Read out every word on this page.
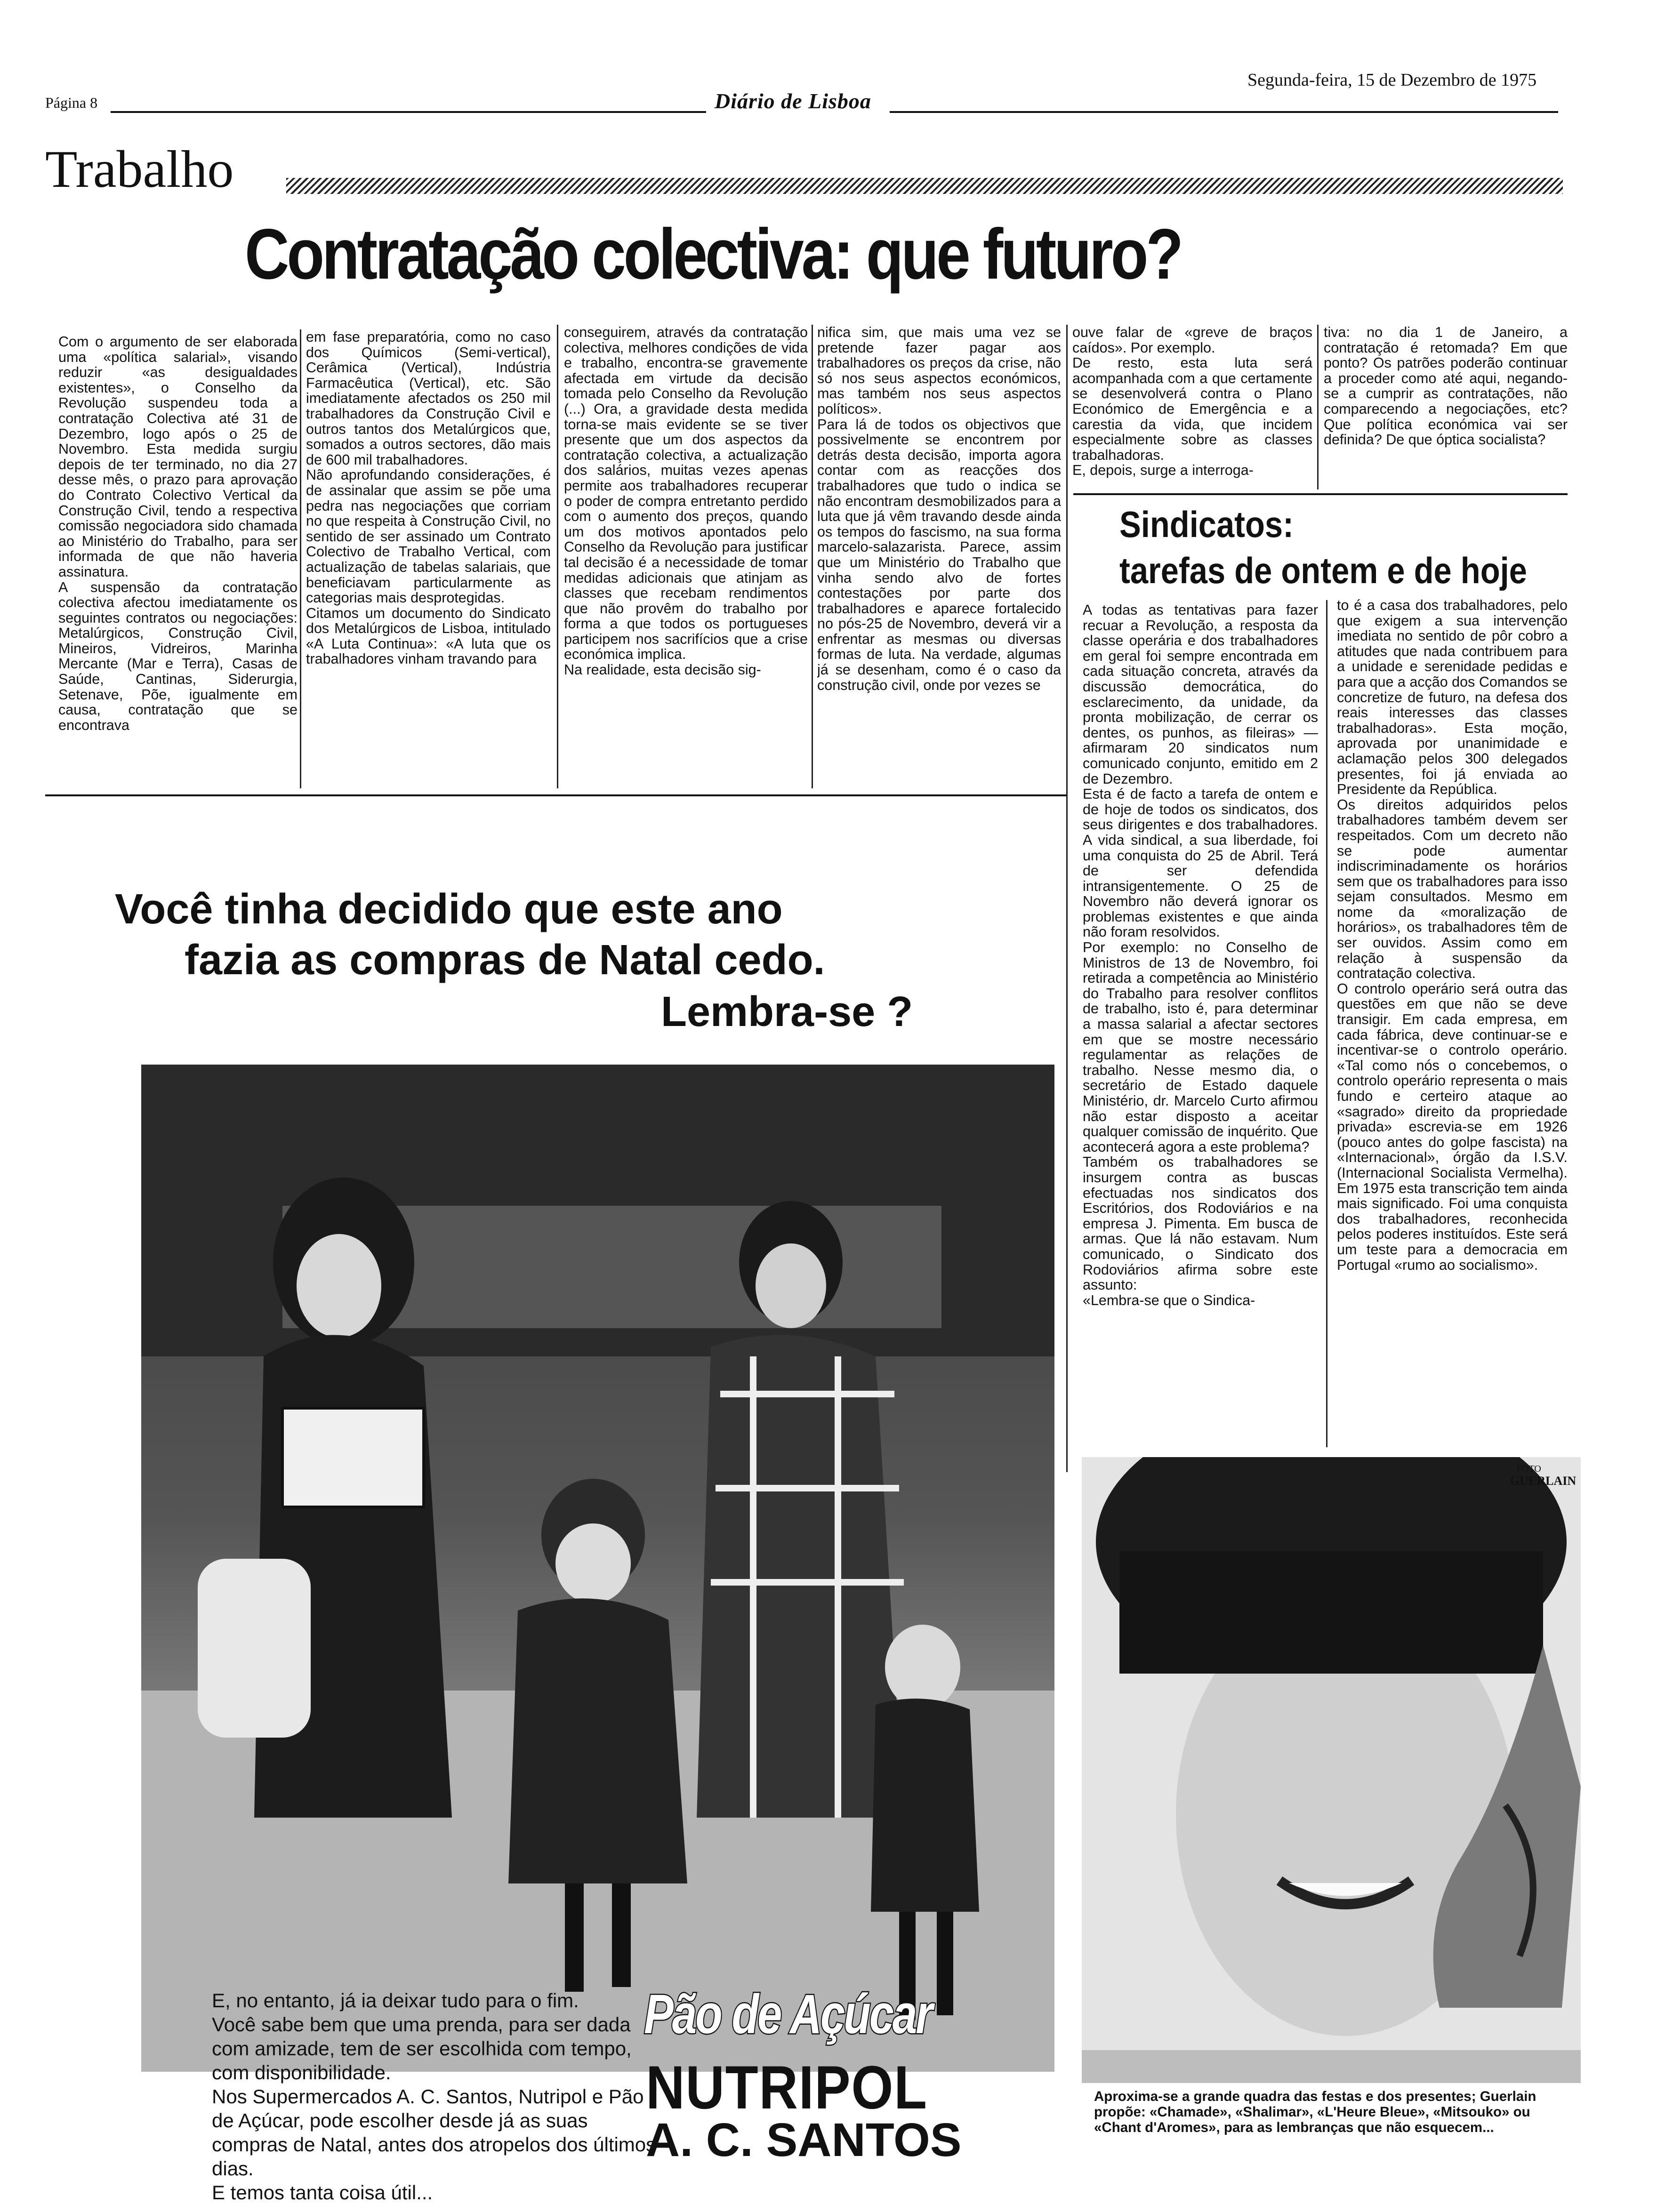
Página 8	Diário de Lisboa
Segunda-feira, 15 de Dezembro de 1975
Trabalho
Contratação colectiva: que futuro?
Com o argumento de ser elaborada uma «política salarial», visando reduzir «as desigualdades existentes», o Conselho da Revolução suspendeu toda a contratação Colectiva até 31 de Dezembro, logo após o 25 de Novembro. Esta medida surgiu depois de ter terminado, no dia 27 desse mês, o prazo para aprovação do Contrato Colectivo Vertical da Construção Civil, tendo a respectiva comissão negociadora sido chamada ao Ministério do Trabalho, para ser informada de que não haveria assinatura.
A suspensão da contratação colectiva afectou imediatamente os seguintes contratos ou negociações: Metalúrgicos, Construção Civil, Mineiros, Vidreiros, Marinha Mercante (Mar e Terra), Casas de Saúde, Cantinas, Siderurgia, Setenave, Põe, igualmente em causa, contratação que se encontrava
em fase preparatória, como no caso dos Químicos (Semi-vertical), Cerâmica (Vertical), Indústria Farmacêutica (Vertical), etc. São imediatamente afectados os 250 mil trabalhadores da Construção Civil e outros tantos dos Metalúrgicos que, somados a outros sectores, dão mais de 600 mil trabalhadores.
Não aprofundando considerações, é de assinalar que assim se põe uma pedra nas negociações que corriam no que respeita à Construção Civil, no sentido de ser assinado um Contrato Colectivo de Trabalho Vertical, com actualização de tabelas salariais, que beneficiavam particularmente as categorias mais desprotegidas.
Citamos um documento do Sindicato dos Metalúrgicos de Lisboa, intitulado «A Luta Continua»: «A luta que os trabalhadores vinham travando para
conseguirem, através da contratação colectiva, melhores condições de vida e trabalho, encontra-se gravemente afectada em virtude da decisão tomada pelo Conselho da Revolução (...) Ora, a gravidade desta medida torna-se mais evidente se se tiver presente que um dos aspectos da contratação colectiva, a actualização dos salários, muitas vezes apenas permite aos trabalhadores recuperar o poder de compra entretanto perdido com o aumento dos preços, quando um dos motivos apontados pelo Conselho da Revolução para justificar tal decisão é a necessidade de tomar medidas adicionais que atinjam as classes que recebam rendimentos que não provêm do trabalho por forma a que todos os portugueses participem nos sacrifícios que a crise económica implica.
Na realidade, esta decisão sig-
nifica sim, que mais uma vez se pretende fazer pagar aos trabalhadores os preços da crise, não só nos seus aspectos económicos, mas também nos seus aspectos políticos».
Para lá de todos os objectivos que possivelmente se encontrem por detrás desta decisão, importa agora contar com as reacções dos trabalhadores que tudo o indica se não encontram desmobilizados para a luta que já vêm travando desde ainda os tempos do fascismo, na sua forma marcelo-salazarista. Parece, assim que um Ministério do Trabalho que vinha sendo alvo de fortes contestações por parte dos trabalhadores e aparece fortalecido no pós-25 de Novembro, deverá vir a enfrentar as mesmas ou diversas formas de luta. Na verdade, algumas já se desenham, como é o caso da construção civil, onde por vezes se
ouve falar de «greve de braços caídos». Por exemplo.
De resto, esta luta será acompanhada com a que certamente se desenvolverá contra o Plano Económico de Emergência e a carestia da vida, que incidem especialmente sobre as classes trabalhadoras.
E, depois, surge a interroga-
tiva: no dia 1 de Janeiro, a contratação é retomada? Em que ponto? Os patrões poderão continuar a proceder como até aqui, negando-se a cumprir as contratações, não comparecendo a negociações, etc? Que política económica vai ser definida? De que óptica socialista?
Sindicatos:
tarefas de ontem e de hoje
A todas as tentativas para fazer recuar a Revolução, a resposta da classe operária e dos trabalhadores em geral foi sempre encontrada em cada situação concreta, através da discussão democrática, do esclarecimento, da unidade, da pronta mobilização, de cerrar os dentes, os punhos, as fileiras» — afirmaram 20 sindicatos num comunicado conjunto, emitido em 2 de Dezembro.
Esta é de facto a tarefa de ontem e de hoje de todos os sindicatos, dos seus dirigentes e dos trabalhadores. A vida sindical, a sua liberdade, foi uma conquista do 25 de Abril. Terá de ser defendida intransigentemente. O 25 de Novembro não deverá ignorar os problemas existentes e que ainda não foram resolvidos.
Por exemplo: no Conselho de Ministros de 13 de Novembro, foi retirada a competência ao Ministério do Trabalho para resolver conflitos de trabalho, isto é, para determinar a massa salarial a afectar sectores em que se mostre necessário regulamentar as relações de trabalho. Nesse mesmo dia, o secretário de Estado daquele Ministério, dr. Marcelo Curto afirmou não estar disposto a aceitar qualquer comissão de inquérito. Que acontecerá agora a este problema?
Também os trabalhadores se insurgem contra as buscas efectuadas nos sindicatos dos Escritórios, dos Rodoviários e na empresa J. Pimenta. Em busca de armas. Que lá não estavam. Num comunicado, o Sindicato dos Rodoviários afirma sobre este assunto:
«Lembra-se que o Sindica-
to é a casa dos trabalhadores, pelo que exigem a sua intervenção imediata no sentido de pôr cobro a atitudes que nada contribuem para a unidade e serenidade pedidas e para que a acção dos Comandos se concretize de futuro, na defesa dos reais interesses das classes trabalhadoras». Esta moção, aprovada por unanimidade e aclamação pelos 300 delegados presentes, foi já enviada ao Presidente da República.
Os direitos adquiridos pelos trabalhadores também devem ser respeitados. Com um decreto não se pode aumentar indiscriminadamente os horários sem que os trabalhadores para isso sejam consultados. Mesmo em nome da «moralização de horários», os trabalhadores têm de ser ouvidos. Assim como em relação à suspensão da contratação colectiva.
O controlo operário será outra das questões em que não se deve transigir. Em cada empresa, em cada fábrica, deve continuar-se e incentivar-se o controlo operário. «Tal como nós o concebemos, o controlo operário representa o mais fundo e certeiro ataque ao «sagrado» direito da propriedade privada» escrevia-se em 1926 (pouco antes do golpe fascista) na «Internacional», órgão da I.S.V. (Internacional Socialista Vermelha). Em 1975 esta transcrição tem ainda mais significado. Foi uma conquista dos trabalhadores, reconhecida pelos poderes instituídos. Este será um teste para a democracia em Portugal «rumo ao socialismo».
Você tinha decidido que este ano
fazia as compras de Natal cedo.
Lembra-se ?
E, no entanto, já ia deixar tudo para o fim.
Você sabe bem que uma prenda, para ser dada com amizade, tem de ser escolhida com tempo, com disponibilidade.
Nos Supermercados A. C. Santos, Nutripol e Pão de Açúcar, pode escolher desde já as suas compras de Natal, antes dos atropelos dos últimos dias.
E temos tanta coisa útil...
Pão de Açúcar
NUTRIPOL
A. C. SANTOS
FOTO
GUERLAIN
Aproxima-se a grande quadra das festas e dos presentes; Guerlain propõe: «Chamade», «Shalimar», «L'Heure Bleue», «Mitsouko» ou «Chant d'Aromes», para as lembranças que não esquecem...
